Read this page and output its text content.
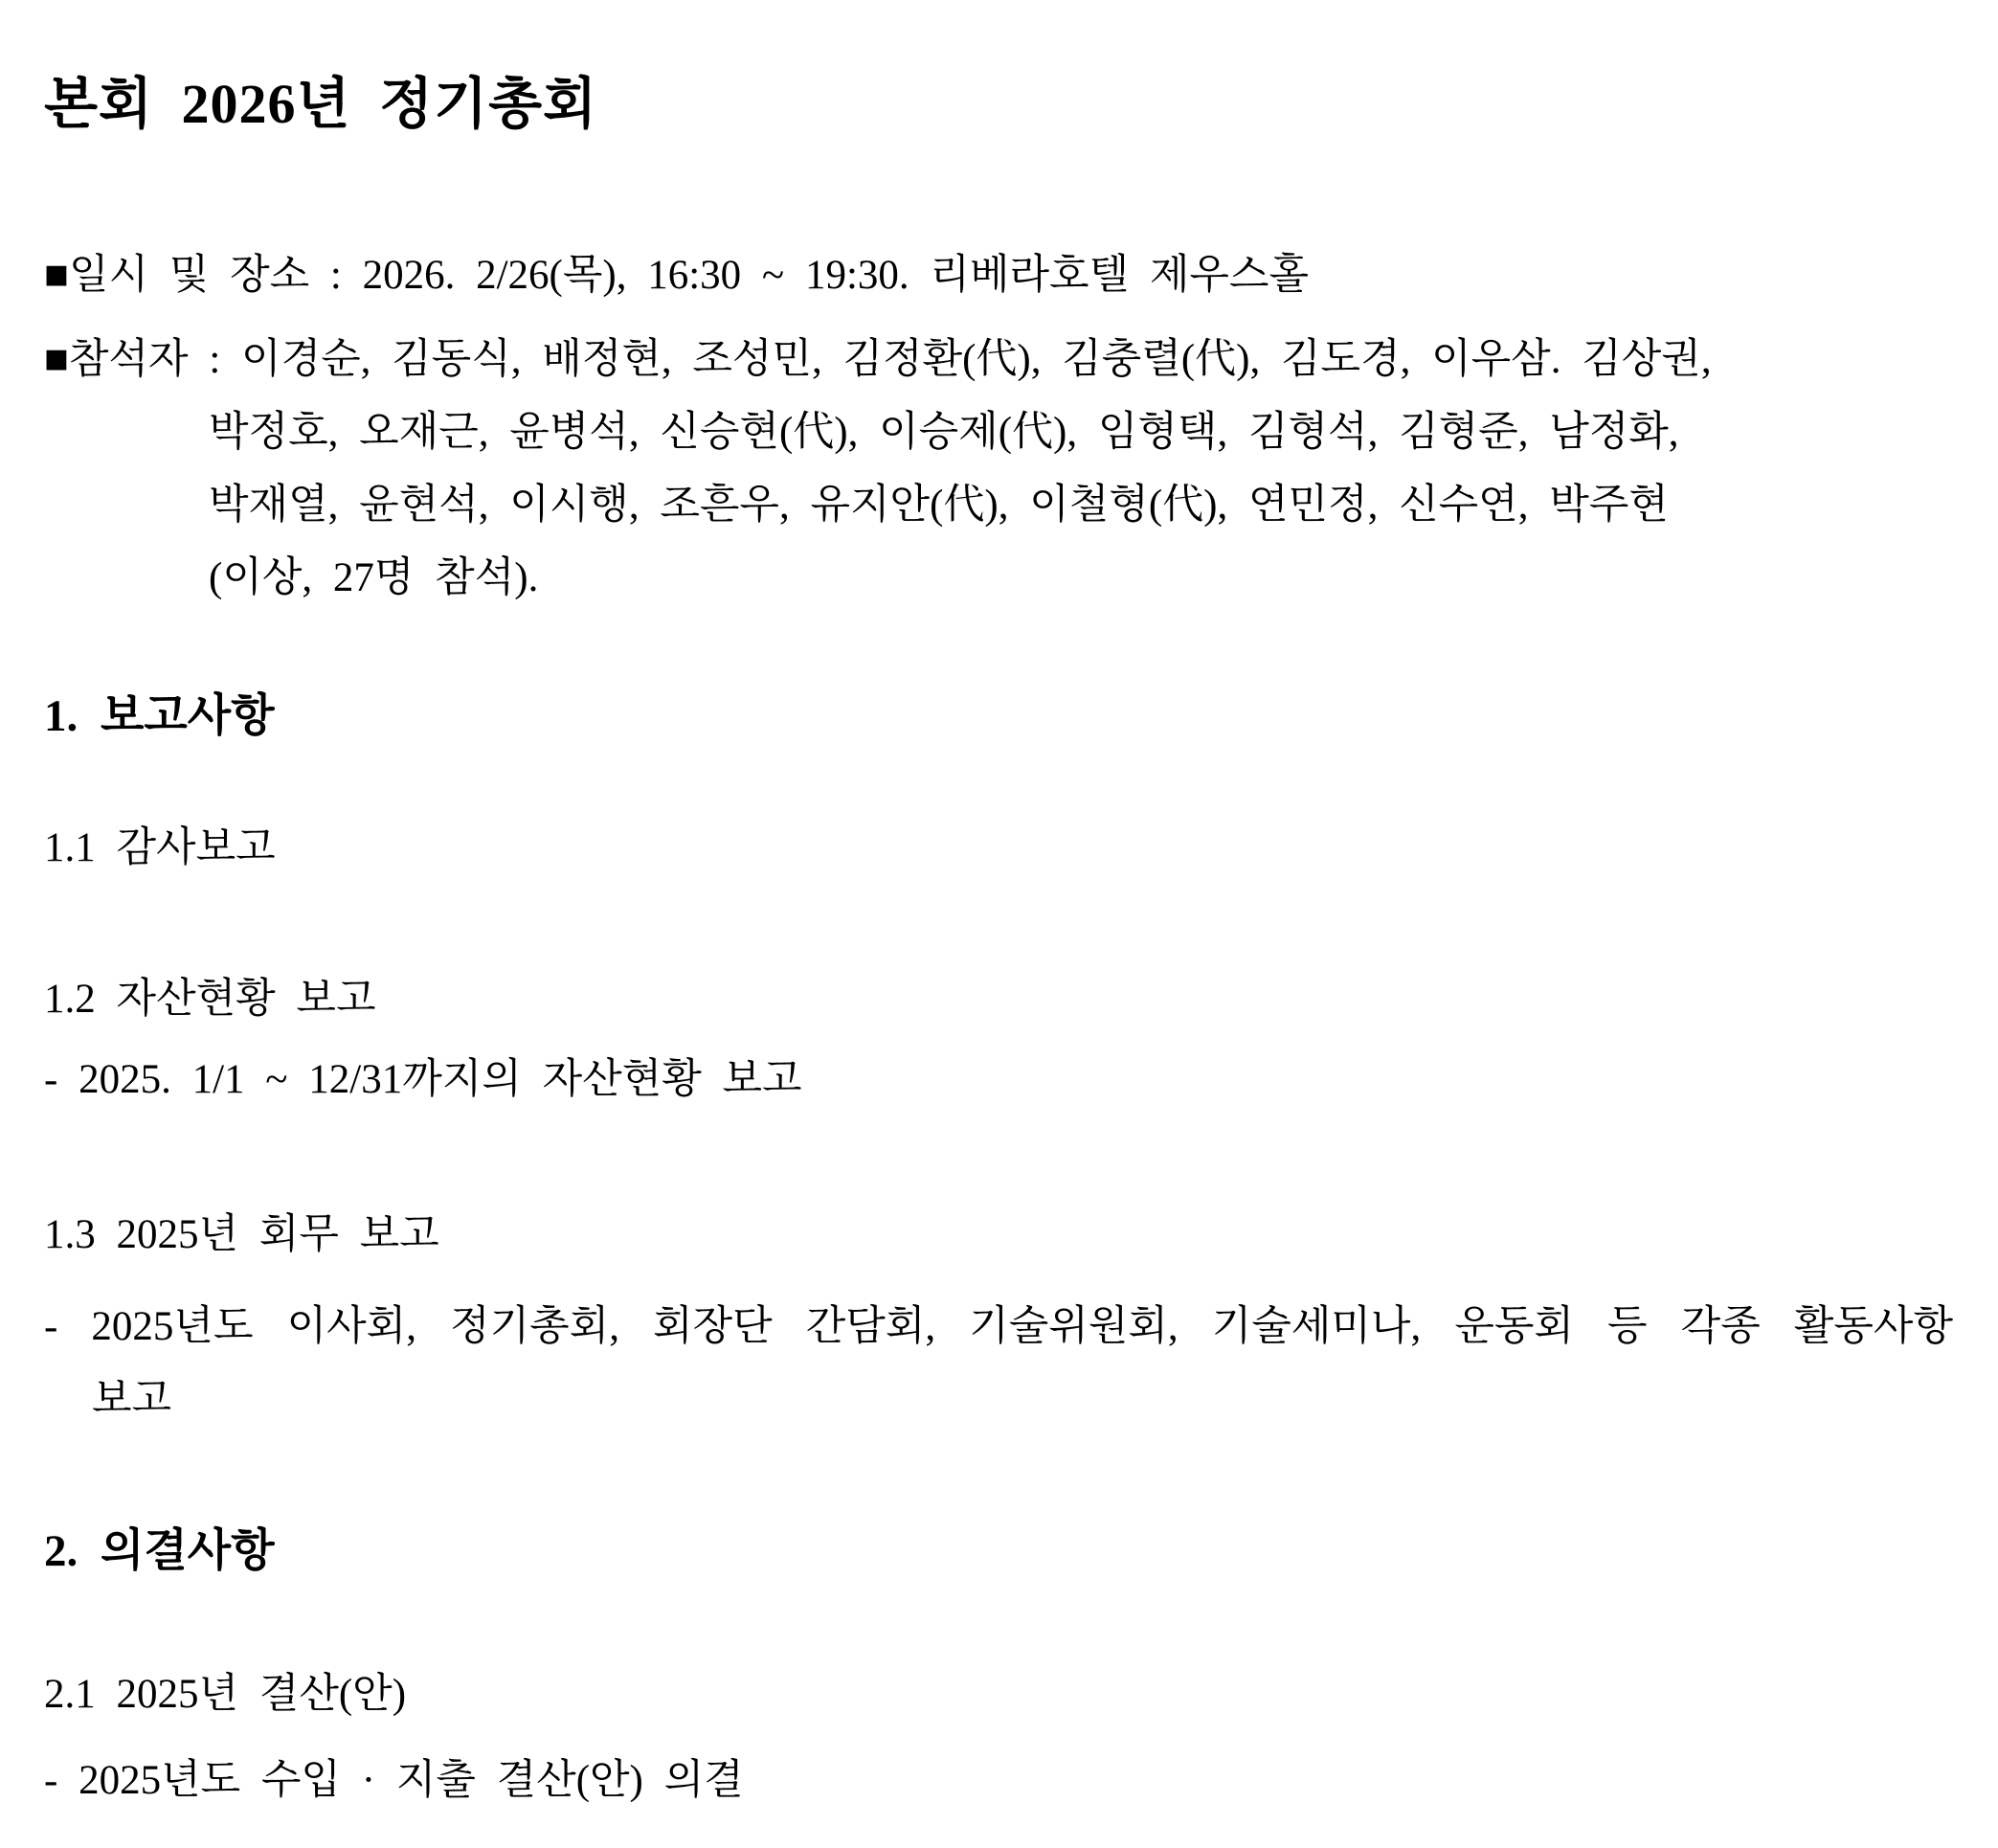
본회 2026년 정기총회

■일시 및 장소 : 2026. 2/26(목), 16:30 ~ 19:30. 리베라호텔 제우스홀

■참석자 : 이경순, 김동식, 배정현, 조성민, 김정환(代), 김충렬(代), 김도경, 이우삼. 김상권,

박정호, 오재근, 윤병석, 신승현(代), 이승제(代), 임형택, 김형석, 김형준, 남정화,

박재열, 윤현석, 이시행, 조흔우, 유지안(代), 이철형(代), 연민정, 신수연, 박주현

(이상, 27명 참석).

1. 보고사항

1.1 감사보고

1.2 자산현황 보고

- 2025. 1/1 ~ 12/31까지의 자산현황 보고

1.3 2025년 회무 보고

- 2025년도 이사회, 정기총회, 회장단 간담회, 기술위원회, 기술세미나, 운동회 등 각종 활동사항

보고

2. 의결사항

2.1 2025년 결산(안)

- 2025년도 수입 · 지출 결산(안) 의결
